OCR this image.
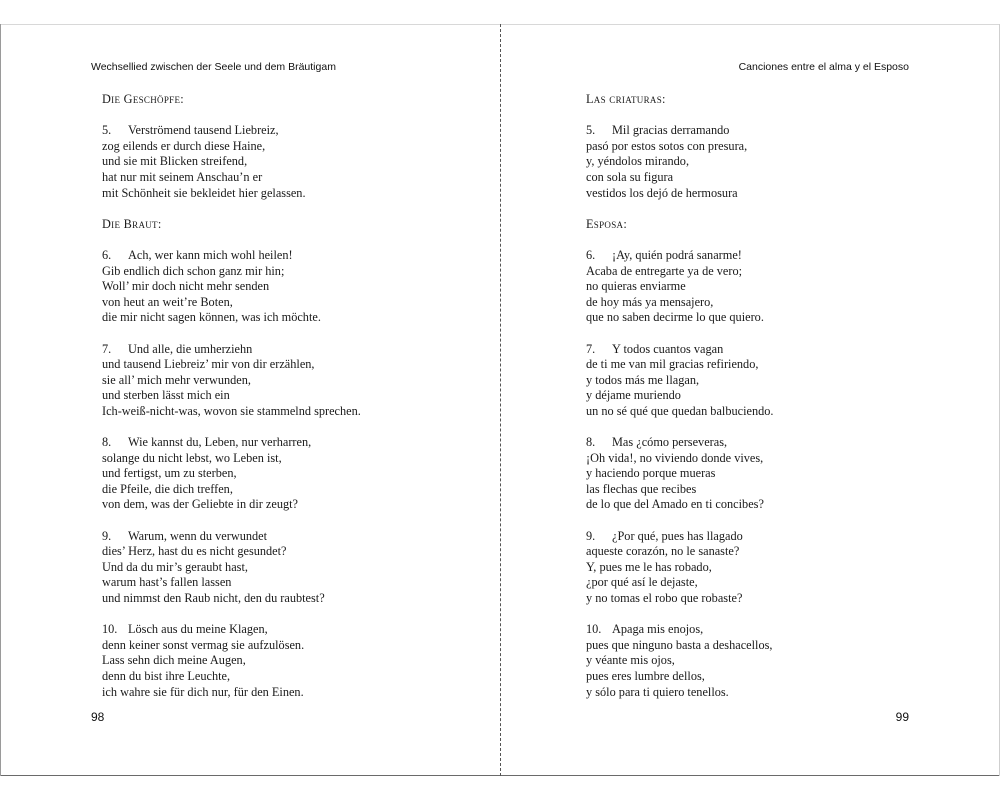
Wechsellied zwischen der Seele und dem Bräutigam
Die Geschöpfe:
5. Verströmend tausend Liebreiz,
zog eilends er durch diese Haine,
und sie mit Blicken streifend,
hat nur mit seinem Anschau’n er
mit Schönheit sie bekleidet hier gelassen.
Die Braut:
6. Ach, wer kann mich wohl heilen!
Gib endlich dich schon ganz mir hin;
Woll’ mir doch nicht mehr senden
von heut an weit’re Boten,
die mir nicht sagen können, was ich möchte.
7. Und alle, die umherziehn
und tausend Liebreiz’ mir von dir erzählen,
sie all’ mich mehr verwunden,
und sterben lässt mich ein
Ich-weiß-nicht-was, wovon sie stammelnd sprechen.
8. Wie kannst du, Leben, nur verharren,
solange du nicht lebst, wo Leben ist,
und fertigst, um zu sterben,
die Pfeile, die dich treffen,
von dem, was der Geliebte in dir zeugt?
9. Warum, wenn du verwundet
dies’ Herz, hast du es nicht gesundet?
Und da du mir’s geraubt hast,
warum hast’s fallen lassen
und nimmst den Raub nicht, den du raubtest?
10. Lösch aus du meine Klagen,
denn keiner sonst vermag sie aufzulösen.
Lass sehn dich meine Augen,
denn du bist ihre Leuchte,
ich wahre sie für dich nur, für den Einen.
98
Canciones entre el alma y el Esposo
Las criaturas:
5. Mil gracias derramando
pasó por estos sotos con presura,
y, yéndolos mirando,
con sola su figura
vestidos los dejó de hermosura
Esposa:
6. ¡Ay, quién podrá sanarme!
Acaba de entregarte ya de vero;
no quieras enviarme
de hoy más ya mensajero,
que no saben decirme lo que quiero.
7. Y todos cuantos vagan
de ti me van mil gracias refiriendo,
y todos más me llagan,
y déjame muriendo
un no sé qué que quedan balbuciendo.
8. Mas ¿cómo perseveras,
¡Oh vida!, no viviendo donde vives,
y haciendo porque mueras
las flechas que recibes
de lo que del Amado en ti concibes?
9. ¿Por qué, pues has llagado
aqueste corazón, no le sanaste?
Y, pues me le has robado,
¿por qué así le dejaste,
y no tomas el robo que robaste?
10. Apaga mis enojos,
pues que ninguno basta a deshacellos,
y véante mis ojos,
pues eres lumbre dellos,
y sólo para ti quiero tenellos.
99
